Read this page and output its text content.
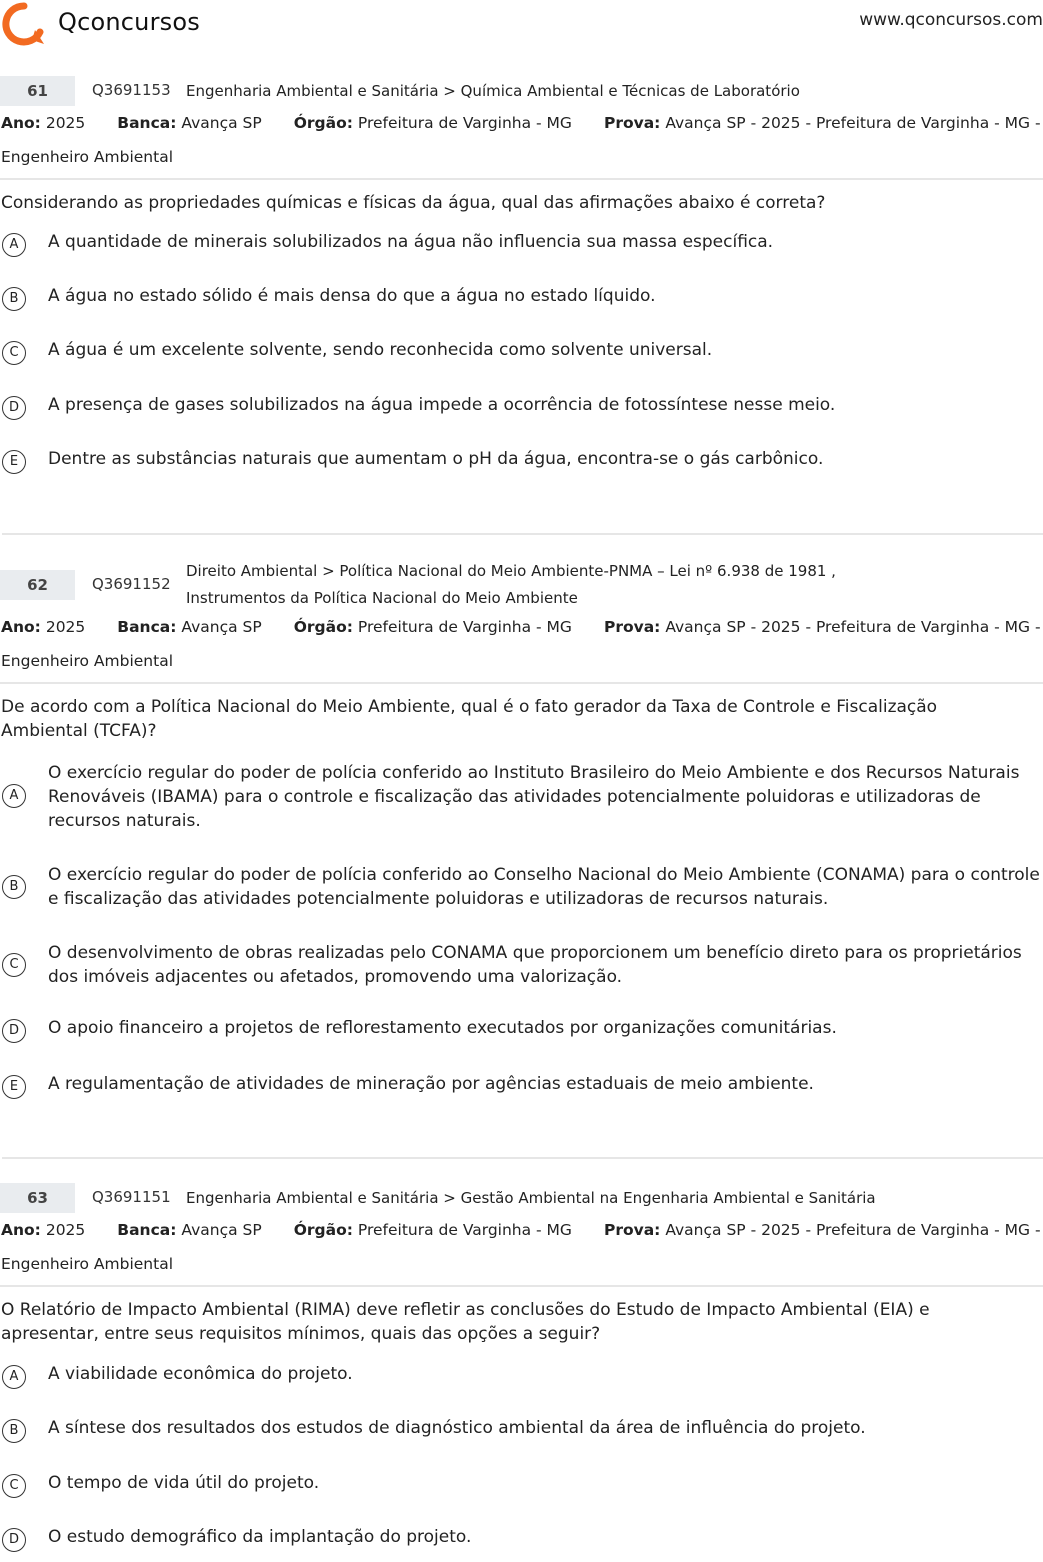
Qconcursos	www.qconcursos.com
61	Q3691153 Engenharia Ambiental e Sanitária > Química Ambiental e Técnicas de Laboratório
Ano: 2025 Banca: Avança SP Órgão: Prefeitura de Varginha - MG Prova: Avança SP - 2025 - Prefeitura de Varginha - MG - Engenheiro Ambiental
Considerando as propriedades químicas e físicas da água, qual das afirmações abaixo é correta?
A	A quantidade de minerais solubilizados na água não influencia sua massa específica.
B	A água no estado sólido é mais densa do que a água no estado líquido.
C	A água é um excelente solvente, sendo reconhecida como solvente universal.
D	A presença de gases solubilizados na água impede a ocorrência de fotossíntese nesse meio.
E	Dentre as substâncias naturais que aumentam o pH da água, encontra-se o gás carbônico.
62	Q3691152
Direito Ambiental > Política Nacional do Meio Ambiente-PNMA – Lei nº 6.938 de 1981 ,
Instrumentos da Política Nacional do Meio Ambiente
Ano: 2025 Banca: Avança SP Órgão: Prefeitura de Varginha - MG Prova: Avança SP - 2025 - Prefeitura de Varginha - MG - Engenheiro Ambiental
De acordo com a Política Nacional do Meio Ambiente, qual é o fato gerador da Taxa de Controle e Fiscalização Ambiental (TCFA)?
A
O exercício regular do poder de polícia conferido ao Instituto Brasileiro do Meio Ambiente e dos Recursos Naturais Renováveis (IBAMA) para o controle e fiscalização das atividades potencialmente poluidoras e utilizadoras de recursos naturais.
B
O exercício regular do poder de polícia conferido ao Conselho Nacional do Meio Ambiente (CONAMA) para o controle e fiscalização das atividades potencialmente poluidoras e utilizadoras de recursos naturais.
C
O desenvolvimento de obras realizadas pelo CONAMA que proporcionem um benefício direto para os proprietários dos imóveis adjacentes ou afetados, promovendo uma valorização.
D	O apoio financeiro a projetos de reflorestamento executados por organizações comunitárias.
E	A regulamentação de atividades de mineração por agências estaduais de meio ambiente.
63	Q3691151 Engenharia Ambiental e Sanitária > Gestão Ambiental na Engenharia Ambiental e Sanitária
Ano: 2025 Banca: Avança SP Órgão: Prefeitura de Varginha - MG Prova: Avança SP - 2025 - Prefeitura de Varginha - MG - Engenheiro Ambiental
O Relatório de Impacto Ambiental (RIMA) deve refletir as conclusões do Estudo de Impacto Ambiental (EIA) e apresentar, entre seus requisitos mínimos, quais das opções a seguir?
A	A viabilidade econômica do projeto.
B	A síntese dos resultados dos estudos de diagnóstico ambiental da área de influência do projeto.
C	O tempo de vida útil do projeto.
D	O estudo demográfico da implantação do projeto.
